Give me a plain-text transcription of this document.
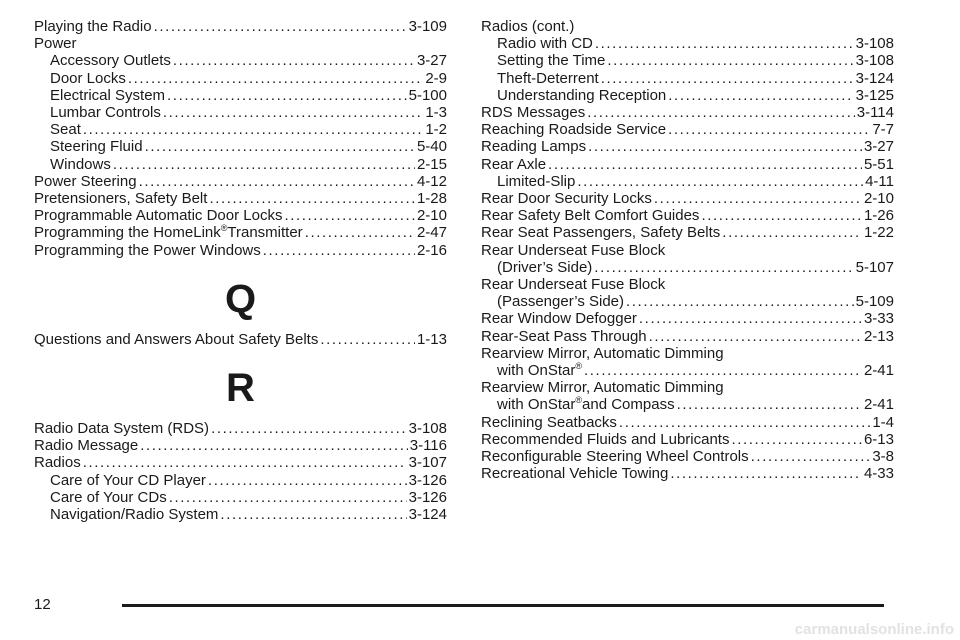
Playing the Radio .....	3-109
Power
Accessory Outlets .....	3-27
Door Locks .....	2-9
Electrical System .....	5-100
Lumbar Controls .....	1-3
Seat .....	1-2
Steering Fluid .....	5-40
Windows .....	2-15
Power Steering .....	4-12
Pretensioners, Safety Belt .....	1-28
Programmable Automatic Door Locks .....	2-10
Programming the HomeLink®Transmitter .....	2-47
Programming the Power Windows .....	2-16
Q
Questions and Answers About Safety Belts .....	1-13
R
Radio Data System (RDS) .....	3-108
Radio Message .....	3-116
Radios .....	3-107
Care of Your CD Player .....	3-126
Care of Your CDs .....	3-126
Navigation/Radio System .....	3-124
Radios (cont.)
Radio with CD .....	3-108
Setting the Time .....	3-108
Theft-Deterrent .....	3-124
Understanding Reception .....	3-125
RDS Messages .....	3-114
Reaching Roadside Service .....	7-7
Reading Lamps .....	3-27
Rear Axle .....	5-51
Limited-Slip .....	4-11
Rear Door Security Locks .....	2-10
Rear Safety Belt Comfort Guides .....	1-26
Rear Seat Passengers, Safety Belts .....	1-22
Rear Underseat Fuse Block
(Driver’s Side) .....	5-107
Rear Underseat Fuse Block
(Passenger’s Side) .....	5-109
Rear Window Defogger .....	3-33
Rear-Seat Pass Through .....	2-13
Rearview Mirror, Automatic Dimming
with OnStar® .....	2-41
Rearview Mirror, Automatic Dimming
with OnStar®and Compass .....	2-41
Reclining Seatbacks .....	1-4
Recommended Fluids and Lubricants .....	6-13
Reconfigurable Steering Wheel Controls .....	3-8
Recreational Vehicle Towing .....	4-33
12
carmanualsonline.info
